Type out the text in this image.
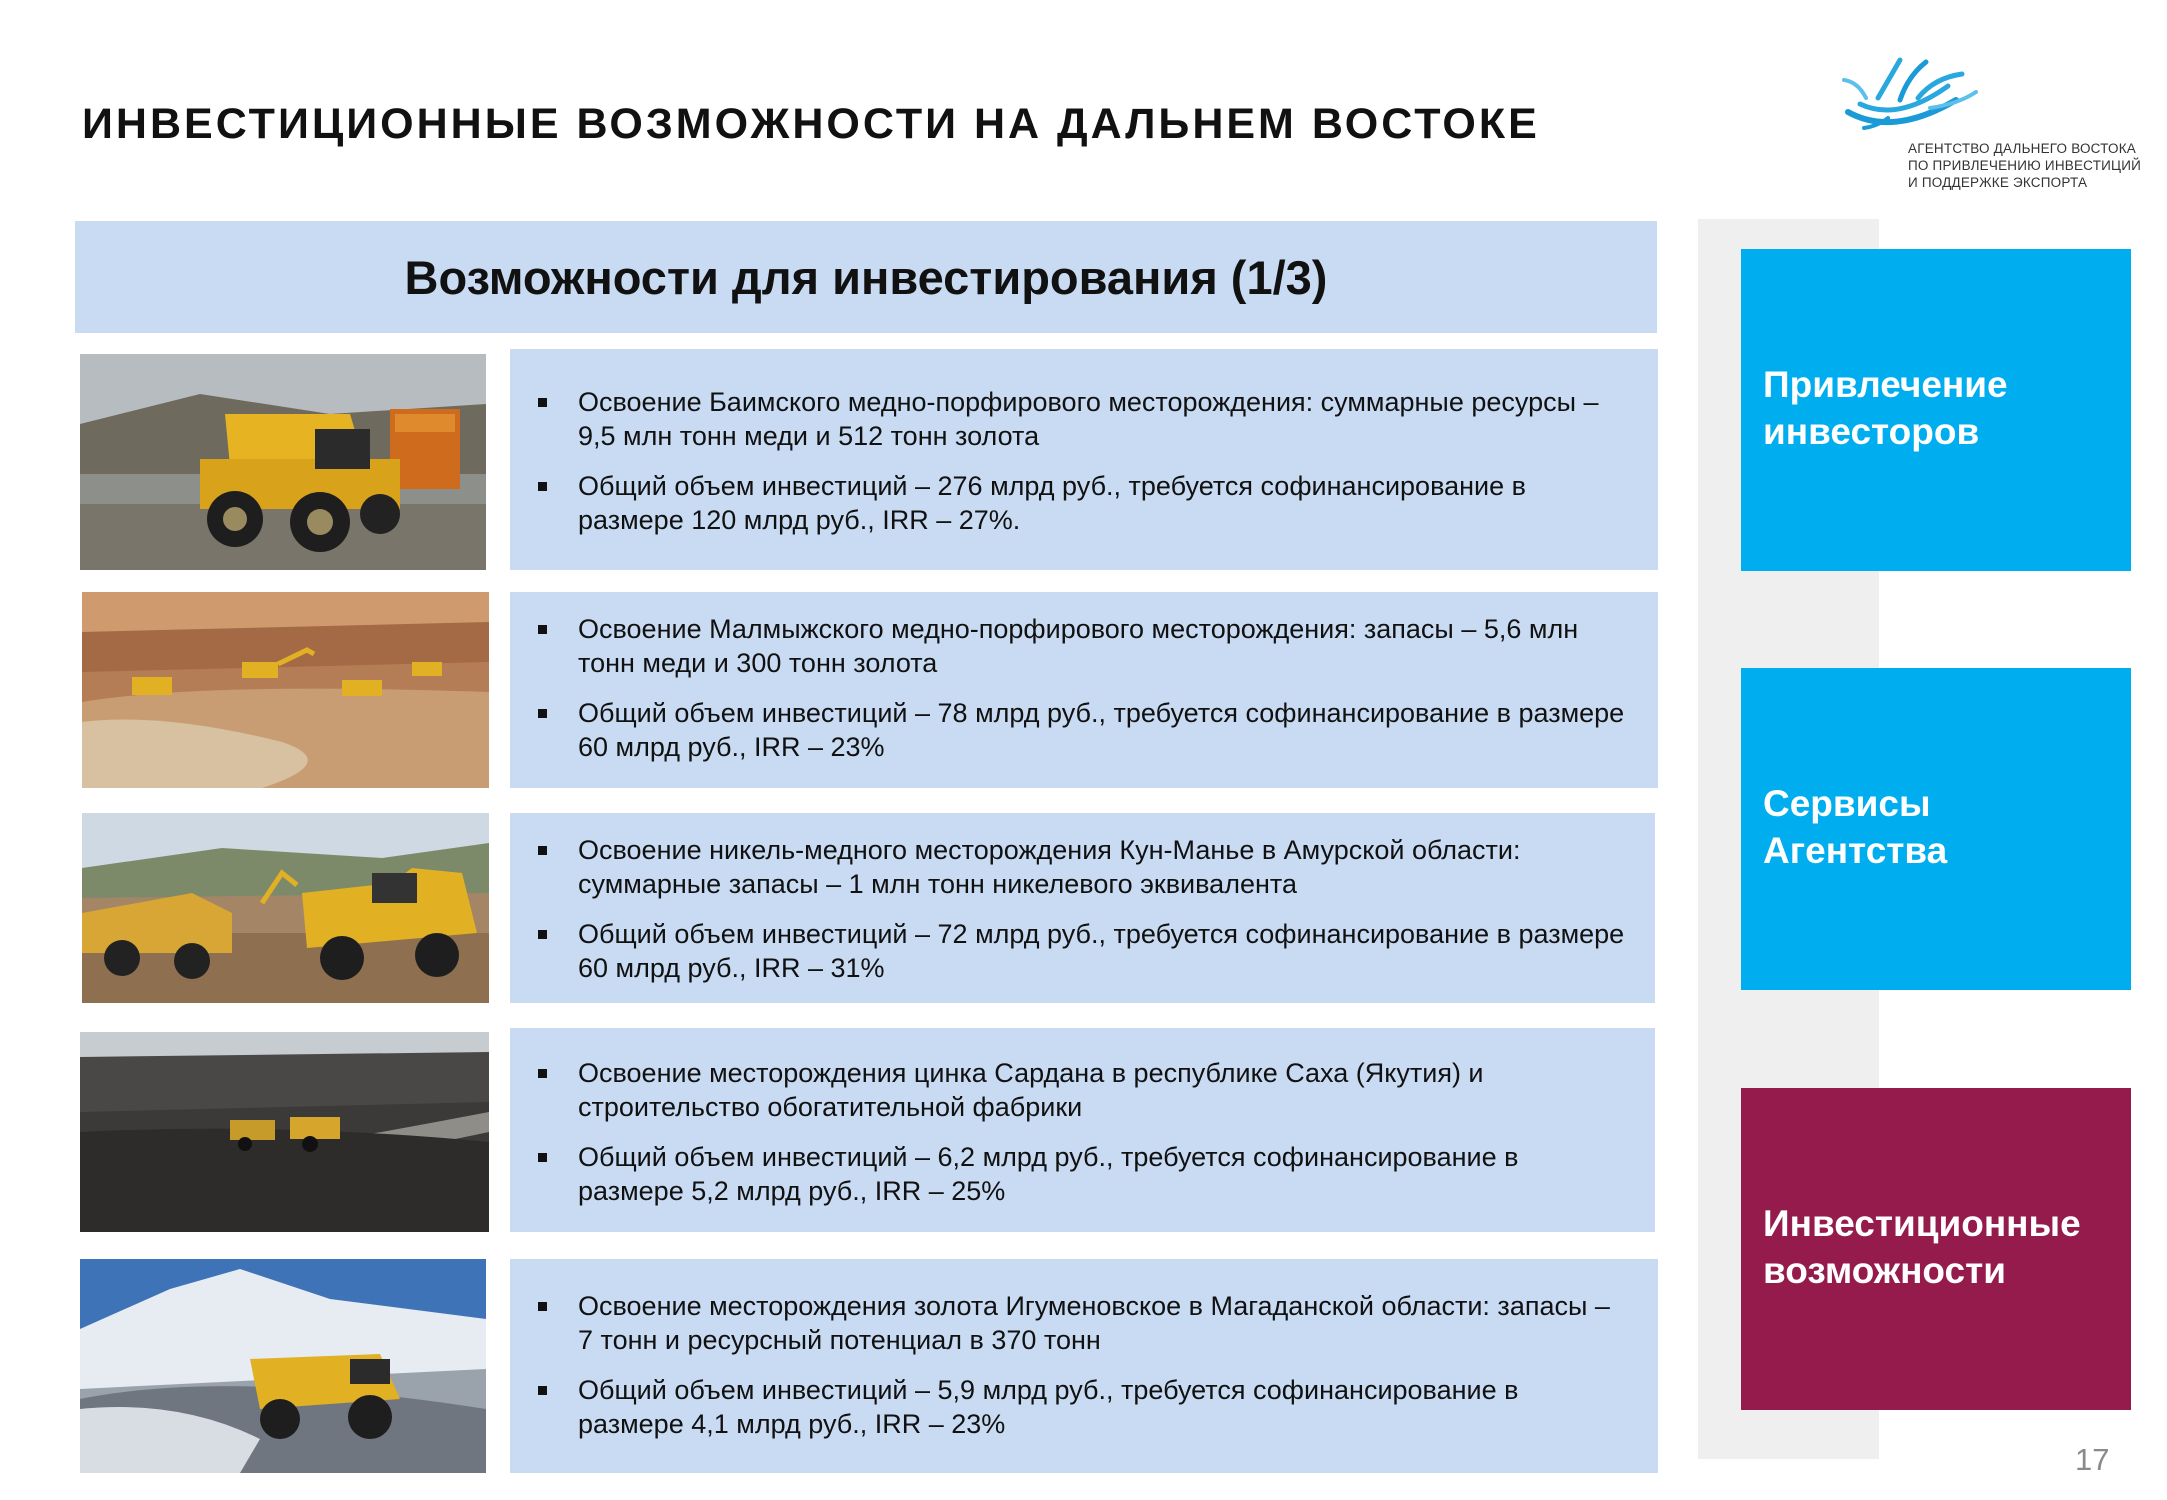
ИНВЕСТИЦИОННЫЕ ВОЗМОЖНОСТИ НА ДАЛЬНЕМ ВОСТОКЕ
АГЕНТСТВО ДАЛЬНЕГО ВОСТОКА
ПО ПРИВЛЕЧЕНИЮ ИНВЕСТИЦИЙ
И ПОДДЕРЖКЕ ЭКСПОРТА
Возможности для инвестирования (1/3)
Освоение Баимского медно-порфирового месторождения: суммарные ресурсы – 9,5 млн тонн меди и 512 тонн золота
Общий объем инвестиций – 276 млрд руб., требуется софинансирование в размере 120 млрд руб., IRR – 27%.
Освоение Малмыжского медно-порфирового месторождения: запасы – 5,6 млн тонн меди и 300 тонн золота
Общий объем инвестиций – 78 млрд руб., требуется софинансирование в размере 60 млрд руб., IRR – 23%
Освоение никель-медного месторождения Кун-Манье в Амурской области: суммарные запасы – 1 млн тонн никелевого эквивалента
Общий объем инвестиций – 72 млрд руб., требуется софинансирование в размере 60 млрд руб., IRR – 31%
Освоение месторождения цинка Сардана в республике Саха (Якутия) и строительство обогатительной фабрики
Общий объем инвестиций – 6,2 млрд руб., требуется софинансирование в размере 5,2 млрд руб., IRR – 25%
Освоение месторождения золота Игуменовское в Магаданской области: запасы – 7 тонн и ресурсный потенциал в 370 тонн
Общий объем инвестиций – 5,9 млрд руб., требуется софинансирование в размере 4,1 млрд руб., IRR – 23%
Привлечение инвесторов
Сервисы Агентства
Инвестиционные возможности
17
